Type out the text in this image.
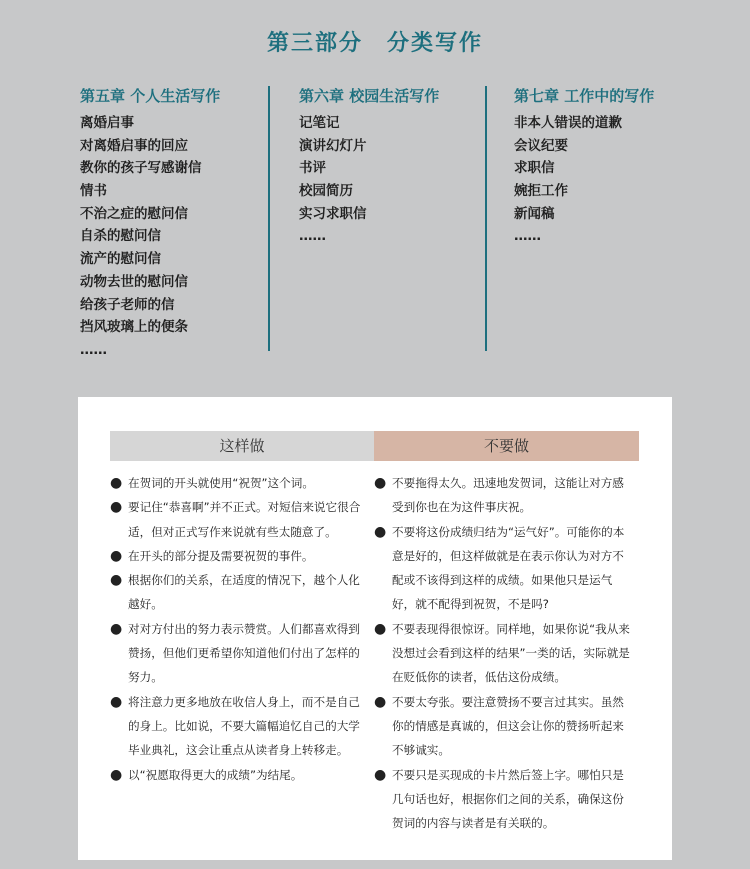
第三部分　分类写作
第五章 个人生活写作
离婚启事
对离婚启事的回应
教你的孩子写感谢信
情书
不治之症的慰问信
自杀的慰问信
流产的慰问信
动物去世的慰问信
给孩子老师的信
挡风玻璃上的便条
……
第六章 校园生活写作
记笔记
演讲幻灯片
书评
校园简历
实习求职信
……
第七章 工作中的写作
非本人错误的道歉
会议纪要
求职信
婉拒工作
新闻稿
……
这样做	不要做
● 在贺词的开头就使用“祝贺”这个词。
● 要记住“恭喜啊”并不正式。对短信来说它很合适，但对正式写作来说就有些太随意了。
● 在开头的部分提及需要祝贺的事件。
● 根据你们的关系，在适度的情况下，越个人化越好。
● 对对方付出的努力表示赞赏。人们都喜欢得到赞扬，但他们更希望你知道他们付出了怎样的努力。
● 将注意力更多地放在收信人身上，而不是自己的身上。比如说，不要大篇幅追忆自己的大学毕业典礼，这会让重点从读者身上转移走。
● 以“祝愿取得更大的成绩”为结尾。
● 不要拖得太久。迅速地发贺词，这能让对方感受到你也在为这件事庆祝。
● 不要将这份成绩归结为“运气好”。可能你的本意是好的，但这样做就是在表示你认为对方不配或不该得到这样的成绩。如果他只是运气好，就不配得到祝贺，不是吗?
● 不要表现得很惊讶。同样地，如果你说“我从来没想过会看到这样的结果”一类的话，实际就是在贬低你的读者，低估这份成绩。
● 不要太夸张。要注意赞扬不要言过其实。虽然你的情感是真诚的，但这会让你的赞扬听起来不够诚实。
● 不要只是买现成的卡片然后签上字。哪怕只是几句话也好，根据你们之间的关系，确保这份贺词的内容与读者是有关联的。
